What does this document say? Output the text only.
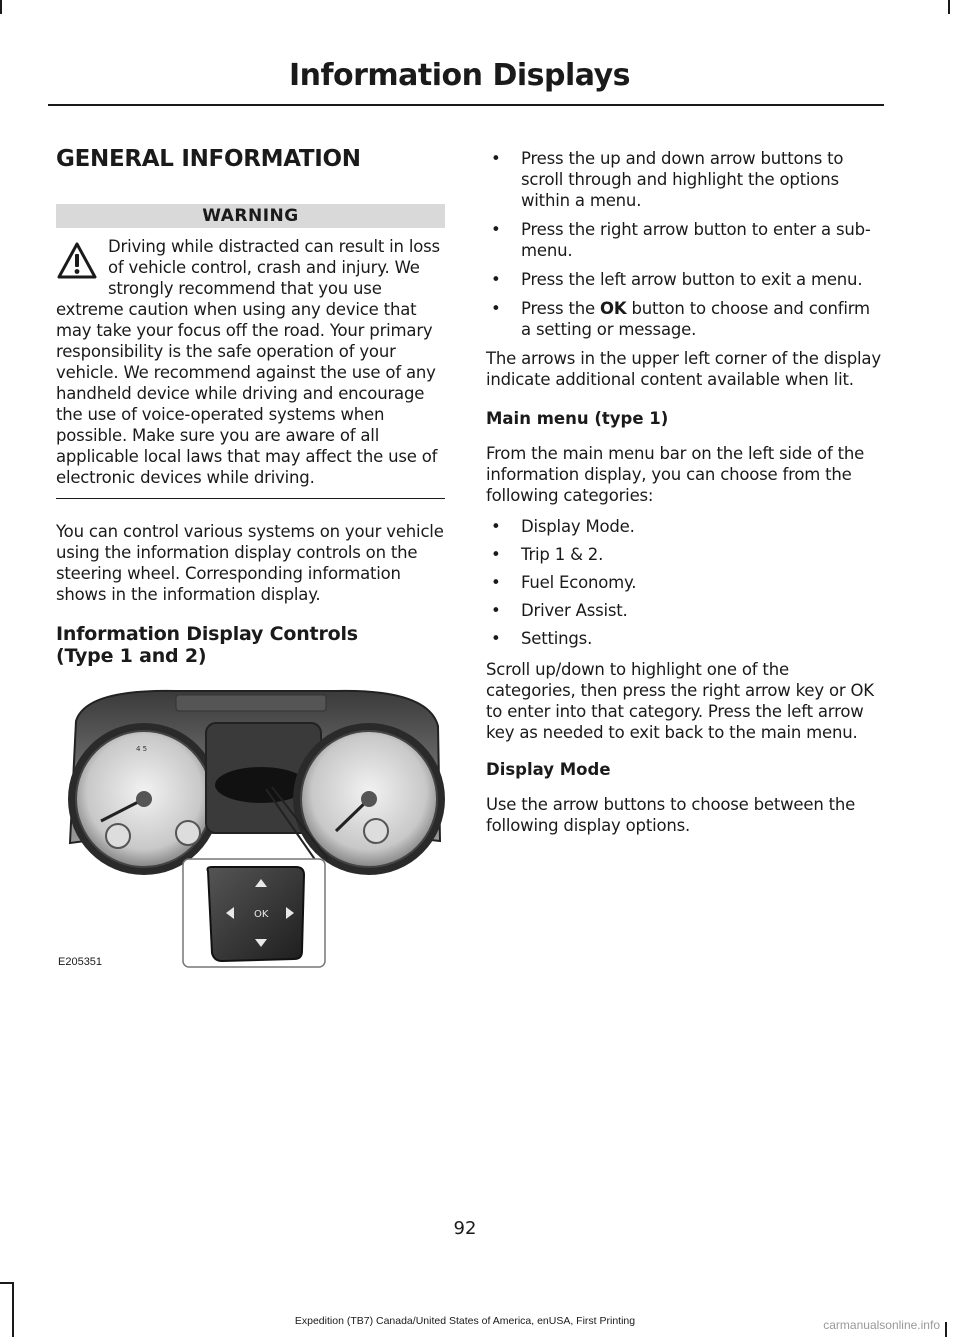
Information Displays
GENERAL INFORMATION
WARNING
Driving while distracted can result in loss of vehicle control, crash and injury. We strongly recommend that you use extreme caution when using any device that may take your focus off the road. Your primary responsibility is the safe operation of your vehicle. We recommend against the use of any handheld device while driving and encourage the use of voice-operated systems when possible. Make sure you are aware of all applicable local laws that may affect the use of electronic devices while driving.

You can control various systems on your vehicle using the information display controls on the steering wheel. Corresponding information shows in the information display.

Information Display Controls (Type 1 and 2)
4 5
OK
E205351
• Press the up and down arrow buttons to scroll through and highlight the options within a menu.
• Press the right arrow button to enter a sub-menu.
• Press the left arrow button to exit a menu.
• Press the OK button to choose and confirm a setting or message.

The arrows in the upper left corner of the display indicate additional content available when lit.

Main menu (type 1)

From the main menu bar on the left side of the information display, you can choose from the following categories:

• Display Mode.
• Trip 1 & 2.
• Fuel Economy.
• Driver Assist.
• Settings.

Scroll up/down to highlight one of the categories, then press the right arrow key or OK to enter into that category. Press the left arrow key as needed to exit back to the main menu.

Display Mode

Use the arrow buttons to choose between the following display options.

92
Expedition (TB7) Canada/United States of America, enUSA, First Printing	carmanualsonline.info
